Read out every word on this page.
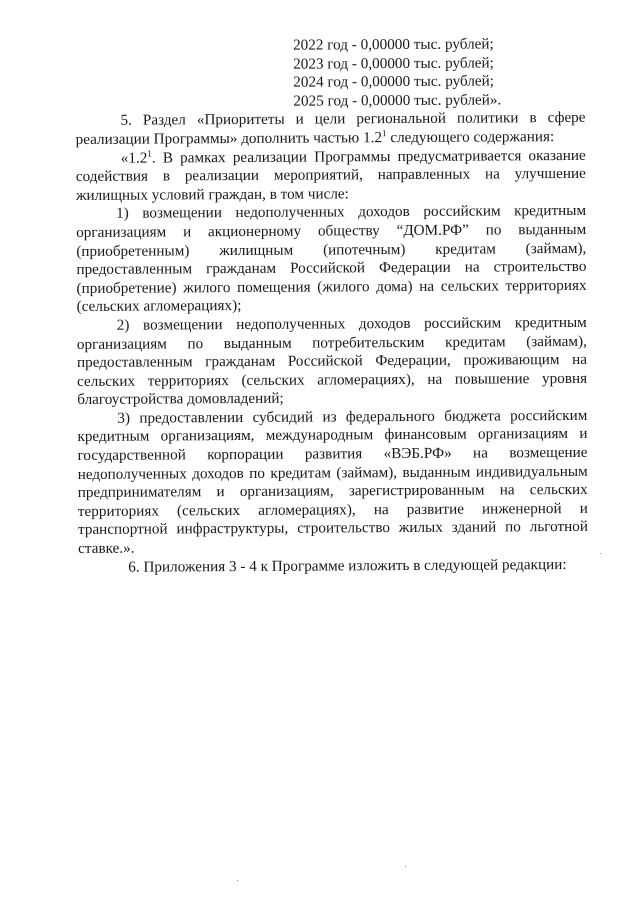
2022 год - 0,00000 тыс. рублей;
2023 год - 0,00000 тыс. рублей;
2024 год - 0,00000 тыс. рублей;
2025 год - 0,00000 тыс. рублей».

5. Раздел «Приоритеты и цели региональной политики в сфере реализации Программы» дополнить частью $1.2^1$ следующего содержания:

«$1.2^1$. В рамках реализации Программы предусматривается оказание содействия в реализации мероприятий, направленных на улучшение жилищных условий граждан, в том числе:

1) возмещении недополученных доходов российским кредитным организациям и акционерному обществу “ДОМ.РФ” по выданным (приобретенным) жилищным (ипотечным) кредитам (займам), предоставленным гражданам Российской Федерации на строительство (приобретение) жилого помещения (жилого дома) на сельских территориях (сельских агломерациях);

2) возмещении недополученных доходов российским кредитным организациям по выданным потребительским кредитам (займам), предоставленным гражданам Российской Федерации, проживающим на сельских территориях (сельских агломерациях), на повышение уровня благоустройства домовладений;

3) предоставлении субсидий из федерального бюджета российским кредитным организациям, международным финансовым организациям и государственной корпорации развития «ВЭБ.РФ» на возмещение недополученных доходов по кредитам (займам), выданным индивидуальным предпринимателям и организациям, зарегистрированным на сельских территориях (сельских агломерациях), на развитие инженерной и транспортной инфраструктуры, строительство жилых зданий по льготной ставке.».

6. Приложения 3 - 4 к Программе изложить в следующей редакции:
